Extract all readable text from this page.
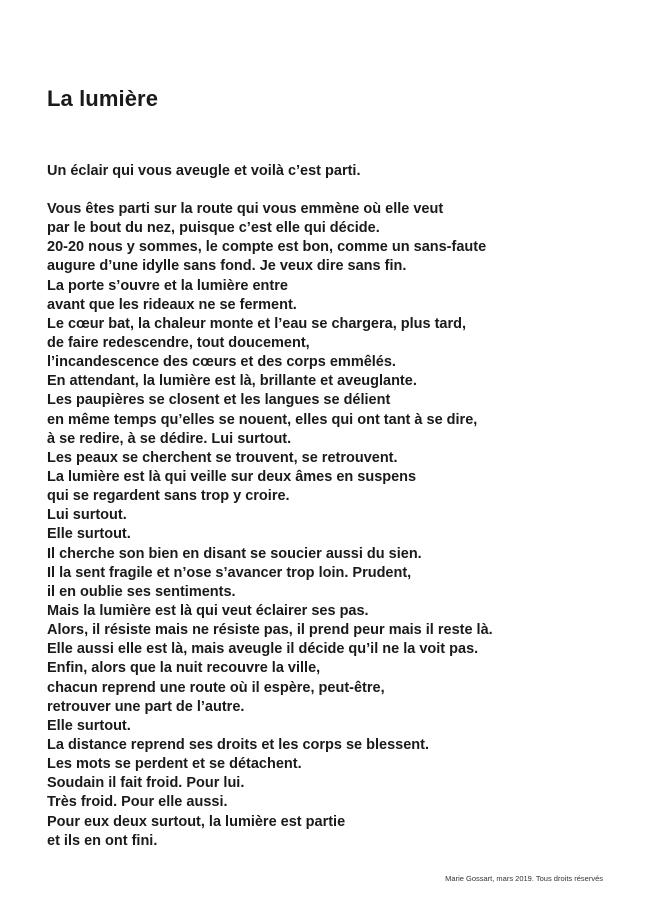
La lumière

Un éclair qui vous aveugle et voilà c’est parti.

Vous êtes parti sur la route qui vous emmène où elle veut
par le bout du nez, puisque c’est elle qui décide.
20-20 nous y sommes, le compte est bon, comme un sans-faute
augure d’une idylle sans fond. Je veux dire sans fin.
La porte s’ouvre et la lumière entre
avant que les rideaux ne se ferment.
Le cœur bat, la chaleur monte et l’eau se chargera, plus tard,
de faire redescendre, tout doucement,
l’incandescence des cœurs et des corps emmêlés.
En attendant, la lumière est là, brillante et aveuglante.
Les paupières se closent et les langues se délient
en même temps qu’elles se nouent, elles qui ont tant à se dire,
à se redire, à se dédire. Lui surtout.
Les peaux se cherchent se trouvent, se retrouvent.
La lumière est là qui veille sur deux âmes en suspens
qui se regardent sans trop y croire.
Lui surtout.
Elle surtout.
Il cherche son bien en disant se soucier aussi du sien.
Il la sent fragile et n’ose s’avancer trop loin. Prudent,
il en oublie ses sentiments.
Mais la lumière est là qui veut éclairer ses pas.
Alors, il résiste mais ne résiste pas, il prend peur mais il reste là.
Elle aussi elle est là, mais aveugle il décide qu’il ne la voit pas.
Enfin, alors que la nuit recouvre la ville,
chacun reprend une route où il espère, peut-être,
retrouver une part de l’autre.
Elle surtout.
La distance reprend ses droits et les corps se blessent.
Les mots se perdent et se détachent.
Soudain il fait froid. Pour lui.
Très froid. Pour elle aussi.
Pour eux deux surtout, la lumière est partie
et ils en ont fini.
Marie Gossart, mars 2019. Tous droits réservés
